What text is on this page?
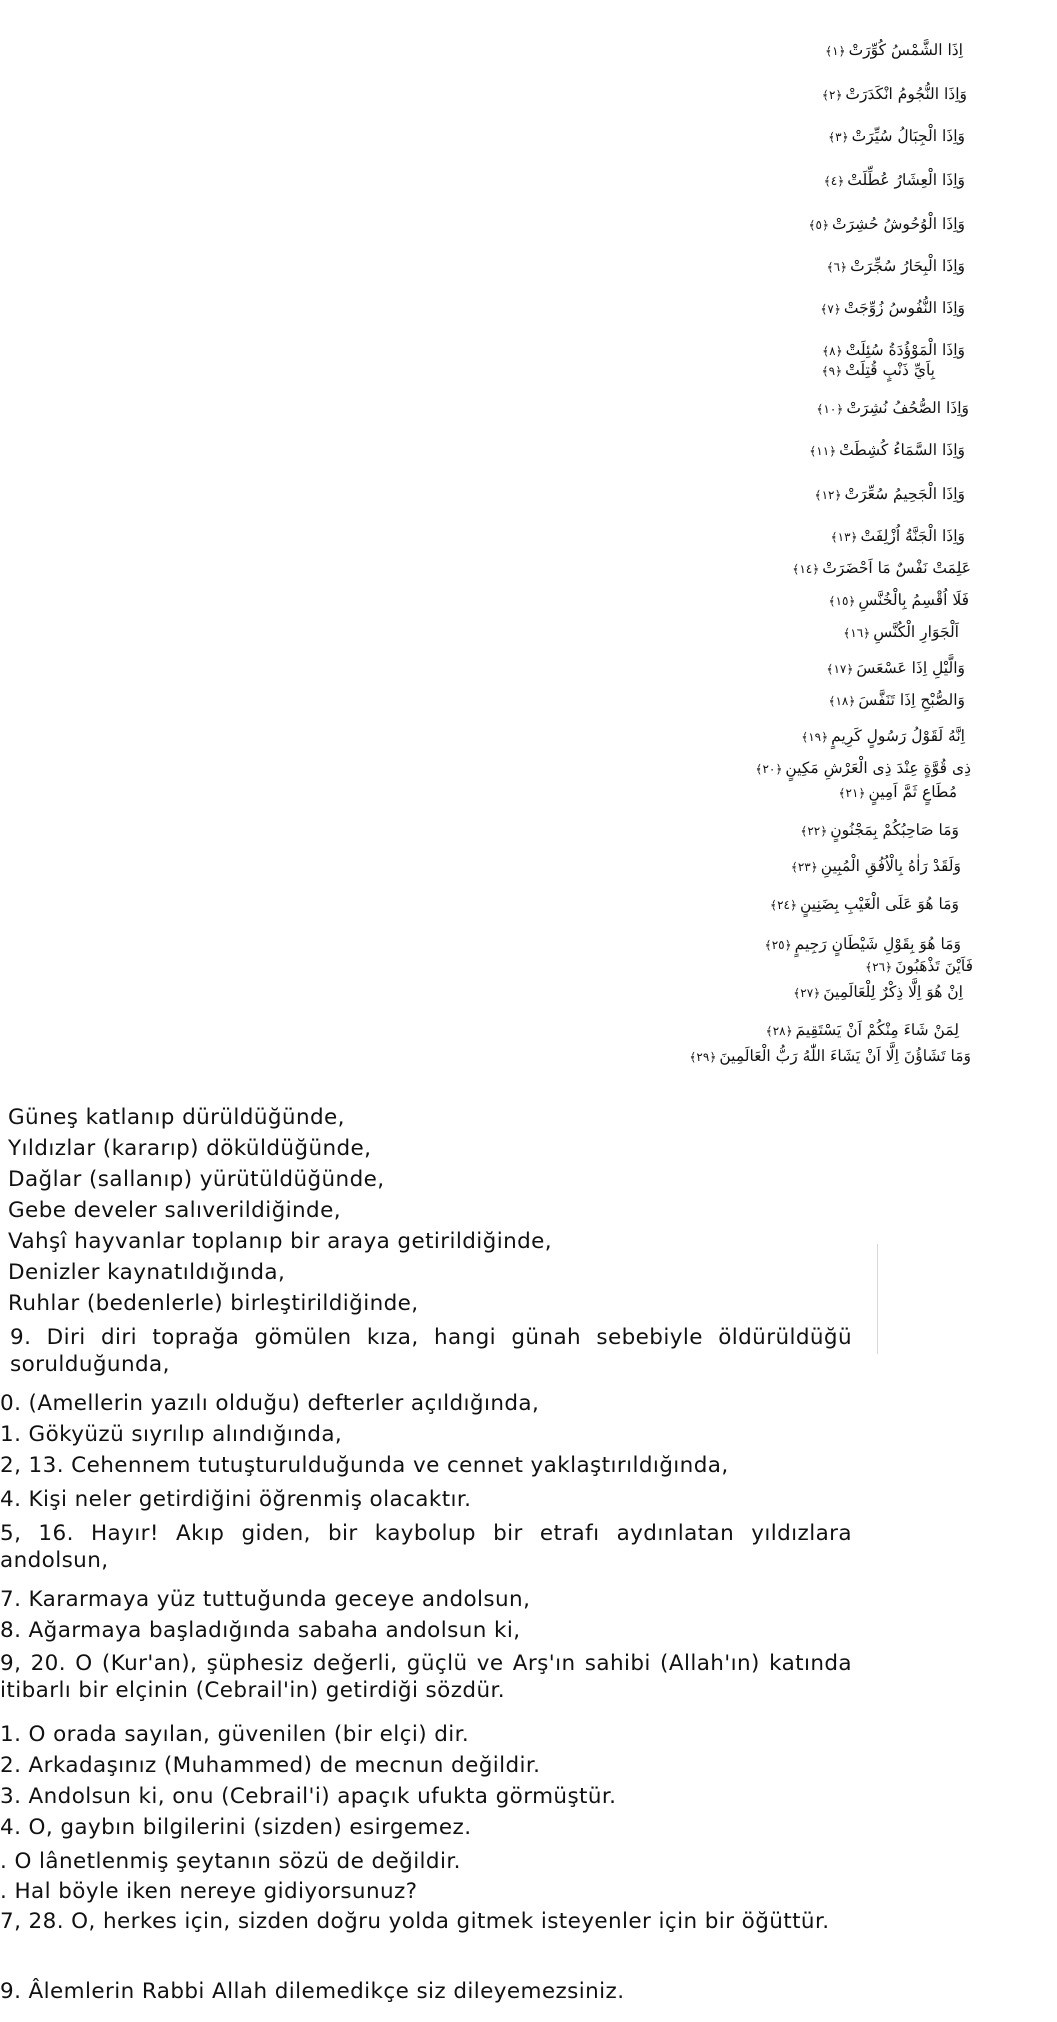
اِذَا الشَّمْسُ كُوِّرَتْ﴿١﴾
وَاِذَا النُّجُومُ انْكَدَرَتْ﴿٢﴾
وَاِذَا الْجِبَالُ سُيِّرَتْ﴿٣﴾
وَاِذَا الْعِشَارُ عُطِّلَتْ﴿٤﴾
وَاِذَا الْوُحُوشُ حُشِرَتْ﴿٥﴾
وَاِذَا الْبِحَارُ سُجِّرَتْ﴿٦﴾
وَاِذَا النُّفُوسُ زُوِّجَتْ﴿٧﴾
وَاِذَا الْمَوْؤُدَةُ سُئِلَتْ﴿٨﴾
بِاَيِّ ذَنْبٍ قُتِلَتْ﴿٩﴾
وَاِذَا الصُّحُفُ نُشِرَتْ﴿١٠﴾
وَاِذَا السَّمَاءُ كُشِطَتْ﴿١١﴾
وَاِذَا الْجَحِيمُ سُعِّرَتْ﴿١٢﴾
وَاِذَا الْجَنَّةُ اُزْلِفَتْ﴿١٣﴾
عَلِمَتْ نَفْسٌ مَا اَحْضَرَتْ﴿١٤﴾
فَلَا اُقْسِمُ بِالْخُنَّسِ﴿١٥﴾
اَلْجَوَارِ الْكُنَّسِ﴿١٦﴾
وَالَّيْلِ اِذَا عَسْعَسَ﴿١٧﴾
وَالصُّبْحِ اِذَا تَنَفَّسَ﴿١٨﴾
اِنَّهُ لَقَوْلُ رَسُولٍ كَرِيمٍ﴿١٩﴾
ذِى قُوَّةٍ عِنْدَ ذِى الْعَرْشِ مَكِينٍ﴿٢٠﴾
مُطَاعٍ ثَمَّ اَمِينٍ﴿٢١﴾
وَمَا صَاحِبُكُمْ بِمَجْنُونٍ﴿٢٢﴾
وَلَقَدْ رَاٰهُ بِالْاُفُقِ الْمُبِينِ﴿٢٣﴾
وَمَا هُوَ عَلَى الْغَيْبِ بِضَنِينٍ﴿٢٤﴾
وَمَا هُوَ بِقَوْلِ شَيْطَانٍ رَجِيمٍ﴿٢٥﴾
فَاَيْنَ تَذْهَبُونَ﴿٢٦﴾
اِنْ هُوَ اِلَّا ذِكْرٌ لِلْعَالَمِينَ﴿٢٧﴾
لِمَنْ شَاءَ مِنْكُمْ اَنْ يَسْتَقِيمَ﴿٢٨﴾
وَمَا تَشَاؤُنَ اِلَّا اَنْ يَشَاءَ اللّٰهُ رَبُّ الْعَالَمِينَ﴿٢٩﴾
Güneş katlanıp dürüldüğünde,
Yıldızlar (kararıp) döküldüğünde,
Dağlar (sallanıp) yürütüldüğünde,
Gebe develer salıverildiğinde,
Vahşî hayvanlar toplanıp bir araya getirildiğinde,
Denizler kaynatıldığında,
Ruhlar (bedenlerle) birleştirildiğinde,
9. Diri diri toprağa gömülen kıza, hangi günah sebebiyle öldürüldüğü sorulduğunda,
0. (Amellerin yazılı olduğu) defterler açıldığında,
1. Gökyüzü sıyrılıp alındığında,
2, 13. Cehennem tutuşturulduğunda ve cennet yaklaştırıldığında,
4. Kişi neler getirdiğini öğrenmiş olacaktır.
5, 16. Hayır! Akıp giden, bir kaybolup bir etrafı aydınlatan yıldızlara andolsun,
7. Kararmaya yüz tuttuğunda geceye andolsun,
8. Ağarmaya başladığında sabaha andolsun ki,
9, 20. O (Kur'an), şüphesiz değerli, güçlü ve Arş'ın sahibi (Allah'ın) katında itibarlı bir elçinin (Cebrail'in) getirdiği sözdür.
1. O orada sayılan, güvenilen (bir elçi) dir.
2. Arkadaşınız (Muhammed) de mecnun değildir.
3. Andolsun ki, onu (Cebrail'i) apaçık ufukta görmüştür.
4. O, gaybın bilgilerini (sizden) esirgemez.
. O lânetlenmiş şeytanın sözü de değildir.
. Hal böyle iken nereye gidiyorsunuz?
7, 28. O, herkes için, sizden doğru yolda gitmek isteyenler için bir öğüttür.
9. Âlemlerin Rabbi Allah dilemedikçe siz dileyemezsiniz.
